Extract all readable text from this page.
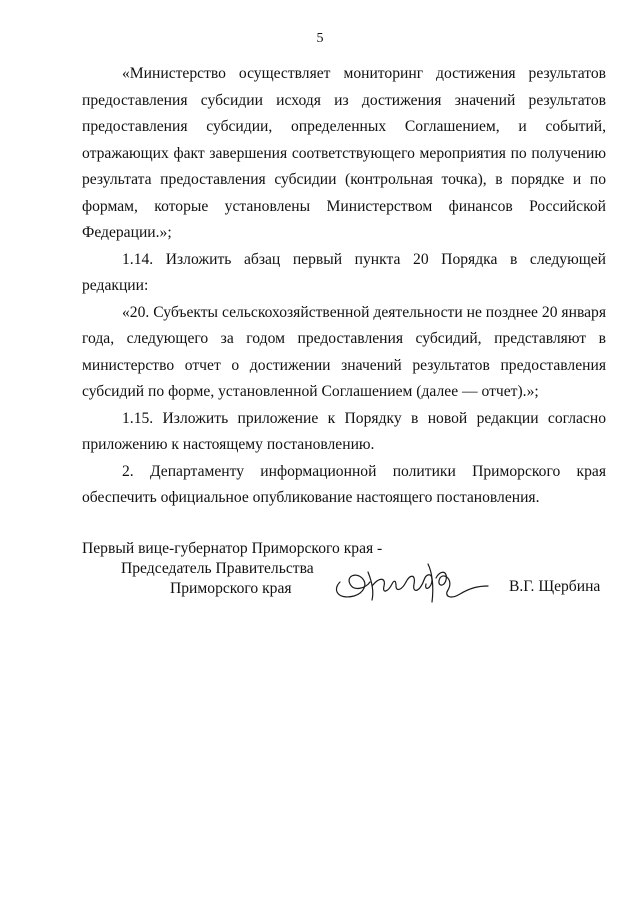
5

«Министерство осуществляет мониторинг достижения результатов предоставления субсидии исходя из достижения значений результатов предоставления субсидии, определенных Соглашением, и событий, отражающих факт завершения соответствующего мероприятия по получению результата предоставления субсидии (контрольная точка), в порядке и по формам, которые установлены Министерством финансов Российской Федерации.»;

1.14. Изложить абзац первый пункта 20 Порядка в следующей редакции:

«20. Субъекты сельскохозяйственной деятельности не позднее 20 января года, следующего за годом предоставления субсидий, представляют в министерство отчет о достижении значений результатов предоставления субсидий по форме, установленной Соглашением (далее — отчет).»;

1.15. Изложить приложение к Порядку в новой редакции согласно приложению к настоящему постановлению.

2. Департаменту информационной политики Приморского края обеспечить официальное опубликование настоящего постановления.

Первый вице-губернатор Приморского края -
Председатель Правительства
Приморского края	В.Г. Щербина
